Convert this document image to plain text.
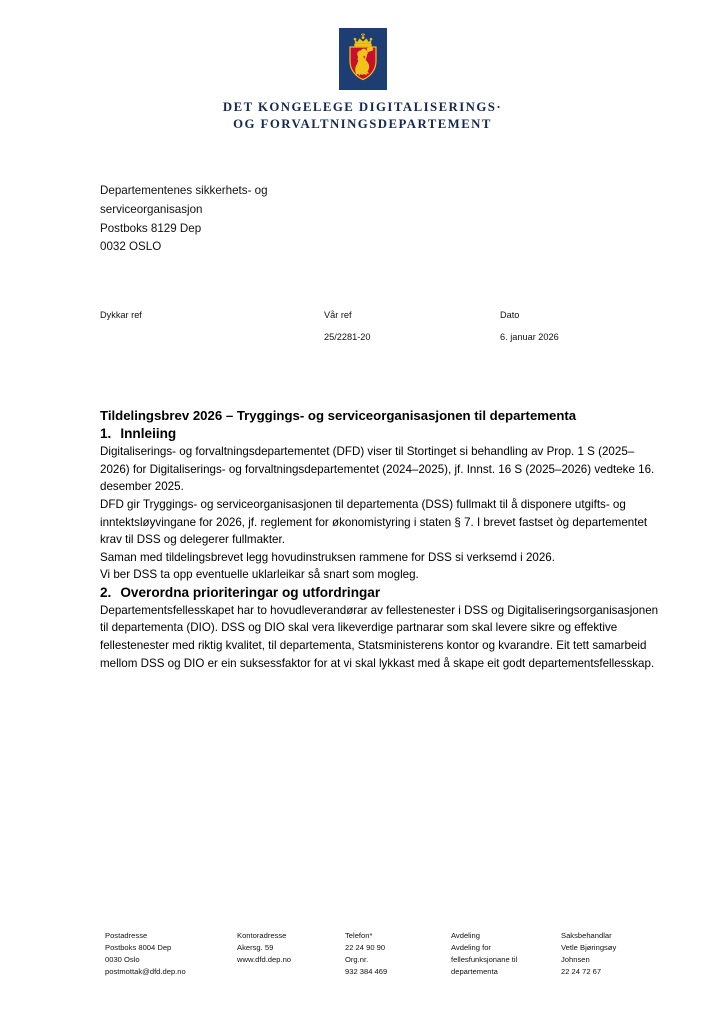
DET KONGELEGE DIGITALISERINGS·
OG FORVALTNINGSDEPARTEMENT
Departementenes sikkerhets- og
serviceorganisasjon
Postboks 8129 Dep
0032 OSLO
Dykkar ref	Vår ref
25/2281-20
Dato
6. januar 2026
Tildelingsbrev 2026 – Tryggings- og serviceorganisasjonen til departementa
1. Innleiing

Digitaliserings- og forvaltningsdepartementet (DFD) viser til Stortinget si behandling av Prop. 1 S (2025–2026) for Digitaliserings- og forvaltningsdepartementet (2024–2025), jf. Innst. 16 S (2025–2026) vedteke 16. desember 2025.

DFD gir Tryggings- og serviceorganisasjonen til departementa (DSS) fullmakt til å disponere utgifts- og inntektsløyvingane for 2026, jf. reglement for økonomistyring i staten § 7. I brevet fastset òg departementet krav til DSS og delegerer fullmakter.

Saman med tildelingsbrevet legg hovudinstruksen rammene for DSS si verksemd i 2026.

Vi ber DSS ta opp eventuelle uklarleikar så snart som mogleg.

2. Overordna prioriteringar og utfordringar

Departementsfellesskapet har to hovudleverandørar av fellestenester i DSS og Digitaliseringsorganisasjonen til departementa (DIO). DSS og DIO skal vera likeverdige partnarar som skal levere sikre og effektive fellestenester med riktig kvalitet, til departementa, Statsministerens kontor og kvarandre. Eit tett samarbeid mellom DSS og DIO er ein suksessfaktor for at vi skal lykkast med å skape eit godt departementsfellesskap.

Postadresse
Postboks 8004 Dep
0030 Oslo
postmottak@dfd.dep.no
Kontoradresse
Akersg. 59
www.dfd.dep.no
Telefon*
22 24 90 90
Org.nr.
932 384 469
Avdeling
Avdeling for
fellesfunksjonane til
departementa
Saksbehandlar
Vetle Bjøringsøy
Johnsen
22 24 72 67
